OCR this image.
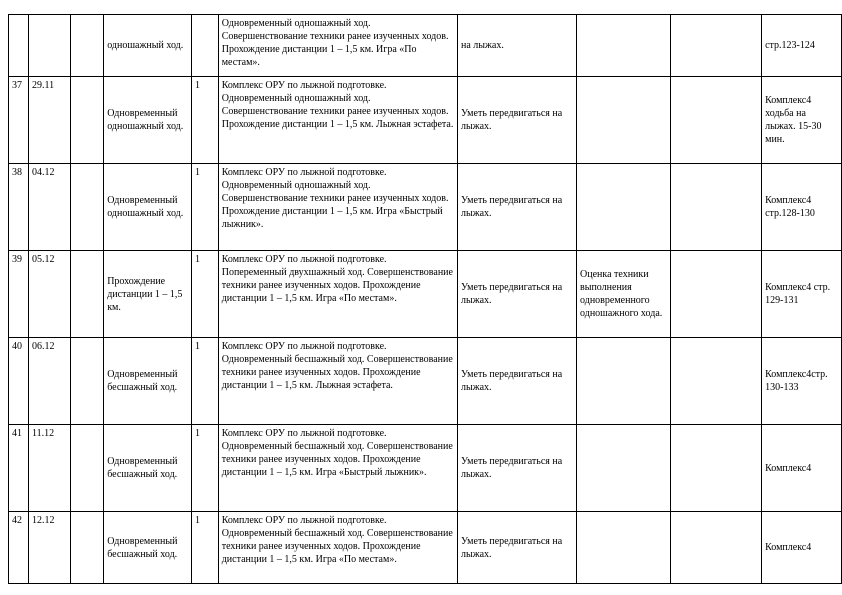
			одношажный ход.		Одновременный одношажный ход. Совершенствование техники ранее изученных ходов. Прохождение дистанции 1 – 1,5 км. Игра «По местам».	на лыжах.			стр.123-124
37	29.11		Одновременный одношажный ход.	1	Комплекс ОРУ по лыжной подготовке. Одновременный одношажный ход. Совершенствование техники ранее изученных ходов. Прохождение дистанции 1 – 1,5 км. Лыжная эстафета.	Уметь передвигаться на лыжах.			Комплекс4 ходьба на лыжах. 15-30 мин.
38	04.12		Одновременный одношажный ход.	1	Комплекс ОРУ по лыжной подготовке. Одновременный одношажный ход. Совершенствование техники ранее изученных ходов. Прохождение дистанции 1 – 1,5 км. Игра «Быстрый лыжник».	Уметь передвигаться на лыжах.			Комплекс4 стр.128-130
39	05.12		Прохождение дистанции 1 – 1,5 км.	1	Комплекс ОРУ по лыжной подготовке. Попеременный двухшажный ход. Совершенствование техники ранее изученных ходов. Прохождение дистанции 1 – 1,5 км. Игра «По местам».	Уметь передвигаться на лыжах.	Оценка техники выполнения одновременного одношажного хода.		Комплекс4 стр. 129-131
40	06.12		Одновременный бесшажный ход.	1	Комплекс ОРУ по лыжной подготовке. Одновременный бесшажный ход. Совершенствование техники ранее изученных ходов. Прохождение дистанции 1 – 1,5 км. Лыжная эстафета.	Уметь передвигаться на лыжах.			Комплекс4стр. 130-133
41	11.12		Одновременный бесшажный ход.	1	Комплекс ОРУ по лыжной подготовке. Одновременный бесшажный ход. Совершенствование техники ранее изученных ходов. Прохождение дистанции 1 – 1,5 км. Игра «Быстрый лыжник».	Уметь передвигаться на лыжах.			Комплекс4
42	12.12		Одновременный бесшажный ход.	1	Комплекс ОРУ по лыжной подготовке. Одновременный бесшажный ход. Совершенствование техники ранее изученных ходов. Прохождение дистанции 1 – 1,5 км. Игра «По местам».	Уметь передвигаться на лыжах.			Комплекс4
